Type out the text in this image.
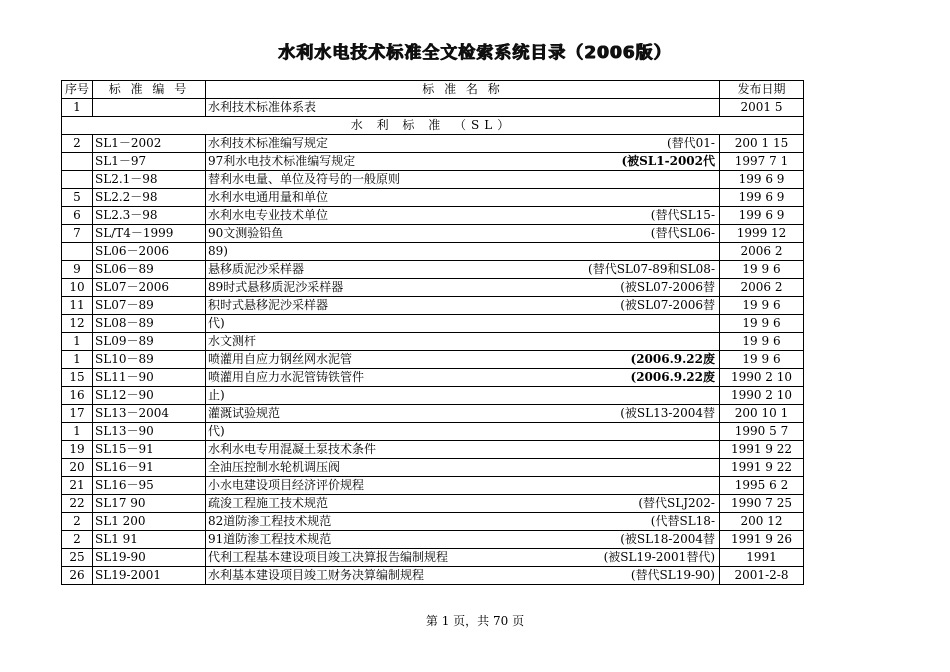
水利水电技术标准全文检索系统目录（2006版）
序号	标 准 编 号	标 准 名 称	发布日期
1		水利技术标准体系表	2001 5
水 利 标 准 （SL）			
2	SL1－2002	水利技术标准编写规定 (替代01-	200 1 15
	SL1－97	97利水电技术标准编写规定 (被SL1-2002代	1997 7 1
	SL2.1－98	替利水电量、单位及符号的一般原则	199 6 9
5	SL2.2－98	水利水电通用量和单位	199 6 9
6	SL2.3－98	水利水电专业技术单位 (替代SL15-	199 6 9
7	SL/T4－1999	90文测验铅鱼 (替代SL06-	1999 12
	SL06－2006	89)	2006 2
9	SL06－89	悬移质泥沙采样器 (替代SL07-89和SL08-	19 9 6
10	SL07－2006	89时式悬移质泥沙采样器 (被SL07-2006替	2006 2
11	SL07－89	积时式悬移泥沙采样器 (被SL07-2006替	19 9 6
12	SL08－89	代)	19 9 6
1	SL09－89	水文测杆	19 9 6
1	SL10－89	喷灌用自应力钢丝网水泥管 (2006.9.22废	19 9 6
15	SL11－90	喷灌用自应力水泥管铸铁管件 (2006.9.22废	1990 2 10
16	SL12－90	止)	1990 2 10
17	SL13－2004	灌溉试验规范 (被SL13-2004替	200 10 1
1	SL13－90	代)	1990 5 7
19	SL15－91	水利水电专用混凝土泵技术条件	1991 9 22
20	SL16－91	全油压控制水轮机调压阀	1991 9 22
21	SL16－95	小水电建设项目经济评价规程	1995 6 2
22	SL17 90	疏浚工程施工技术规范 (替代SLJ202-	1990 7 25
2	SL1 200	82道防渗工程技术规范 (代替SL18-	200 12
2	SL1 91	91道防渗工程技术规范 (被SL18-2004替	1991 9 26
25	SL19-90	代利工程基本建设项目竣工决算报告编制规程 (被SL19-2001替代)	1991
26	SL19-2001	水利基本建设项目竣工财务决算编制规程 (替代SL19-90)	2001-2-8
第 1 页，共 70 页
